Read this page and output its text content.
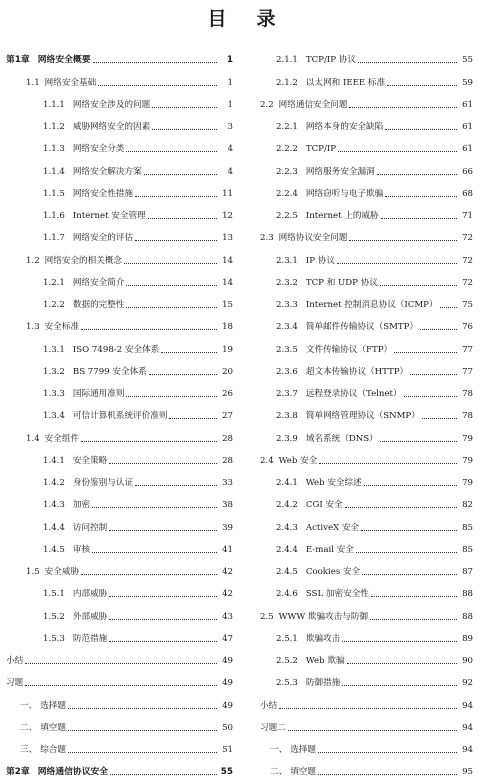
目 录
第1章 网络安全概要	1
1.1 网络安全基础	1
1.1.1 网络安全涉及的问题	1
1.1.2 威胁网络安全的因素	3
1.1.3 网络安全分类	4
1.1.4 网络安全解决方案	4
1.1.5 网络安全性措施	11
1.1.6 Internet 安全管理	12
1.1.7 网络安全的评估	13
1.2 网络安全的相关概念	14
1.2.1 网络安全简介	14
1.2.2 数据的完整性	15
1.3 安全标准	18
1.3.1 ISO 7498-2 安全体系	19
1.3.2 BS 7799 安全体系	20
1.3.3 国际通用准则	26
1.3.4 可信计算机系统评价准则	27
1.4 安全组件	28
1.4.1 安全策略	28
1.4.2 身份鉴别与认证	33
1.4.3 加密	38
1.4.4 访问控制	39
1.4.5 审核	41
1.5 安全威胁	42
1.5.1 内部威胁	42
1.5.2 外部威胁	43
1.5.3 防范措施	47
小结	49
习题	49
一、 选择题	49
二、 填空题	50
三、 综合题	51
第2章 网络通信协议安全	55
2.1.1 TCP/IP 协议	55
2.1.2 以太网和 IEEE 标准	59
2.2 网络通信安全问题	61
2.2.1 网络本身的安全缺陷	61
2.2.2 TCP/IP	61
2.2.3 网络服务安全漏洞	66
2.2.4 网络窃听与电子欺骗	68
2.2.5 Internet 上的威胁	71
2.3 网络协议安全问题	72
2.3.1 IP 协议	72
2.3.2 TCP 和 UDP 协议	72
2.3.3 Internet 控制消息协议（ICMP）	75
2.3.4 简单邮件传输协议（SMTP）	76
2.3.5 文件传输协议（FTP）	77
2.3.6 超文本传输协议（HTTP）	77
2.3.7 远程登录协议（Telnet）	78
2.3.8 简单网络管理协议（SNMP）	78
2.3.9 域名系统（DNS）	79
2.4 Web 安全	79
2.4.1 Web 安全综述	79
2.4.2 CGI 安全	82
2.4.3 ActiveX 安全	85
2.4.4 E-mail 安全	85
2.4.5 Cookies 安全	87
2.4.6 SSL 加密安全性	88
2.5 WWW 欺骗攻击与防御	88
2.5.1 欺骗攻击	89
2.5.2 Web 欺骗	90
2.5.3 防御措施	92
小结	94
习题二	94
一、 选择题	94
二、 填空题	95
